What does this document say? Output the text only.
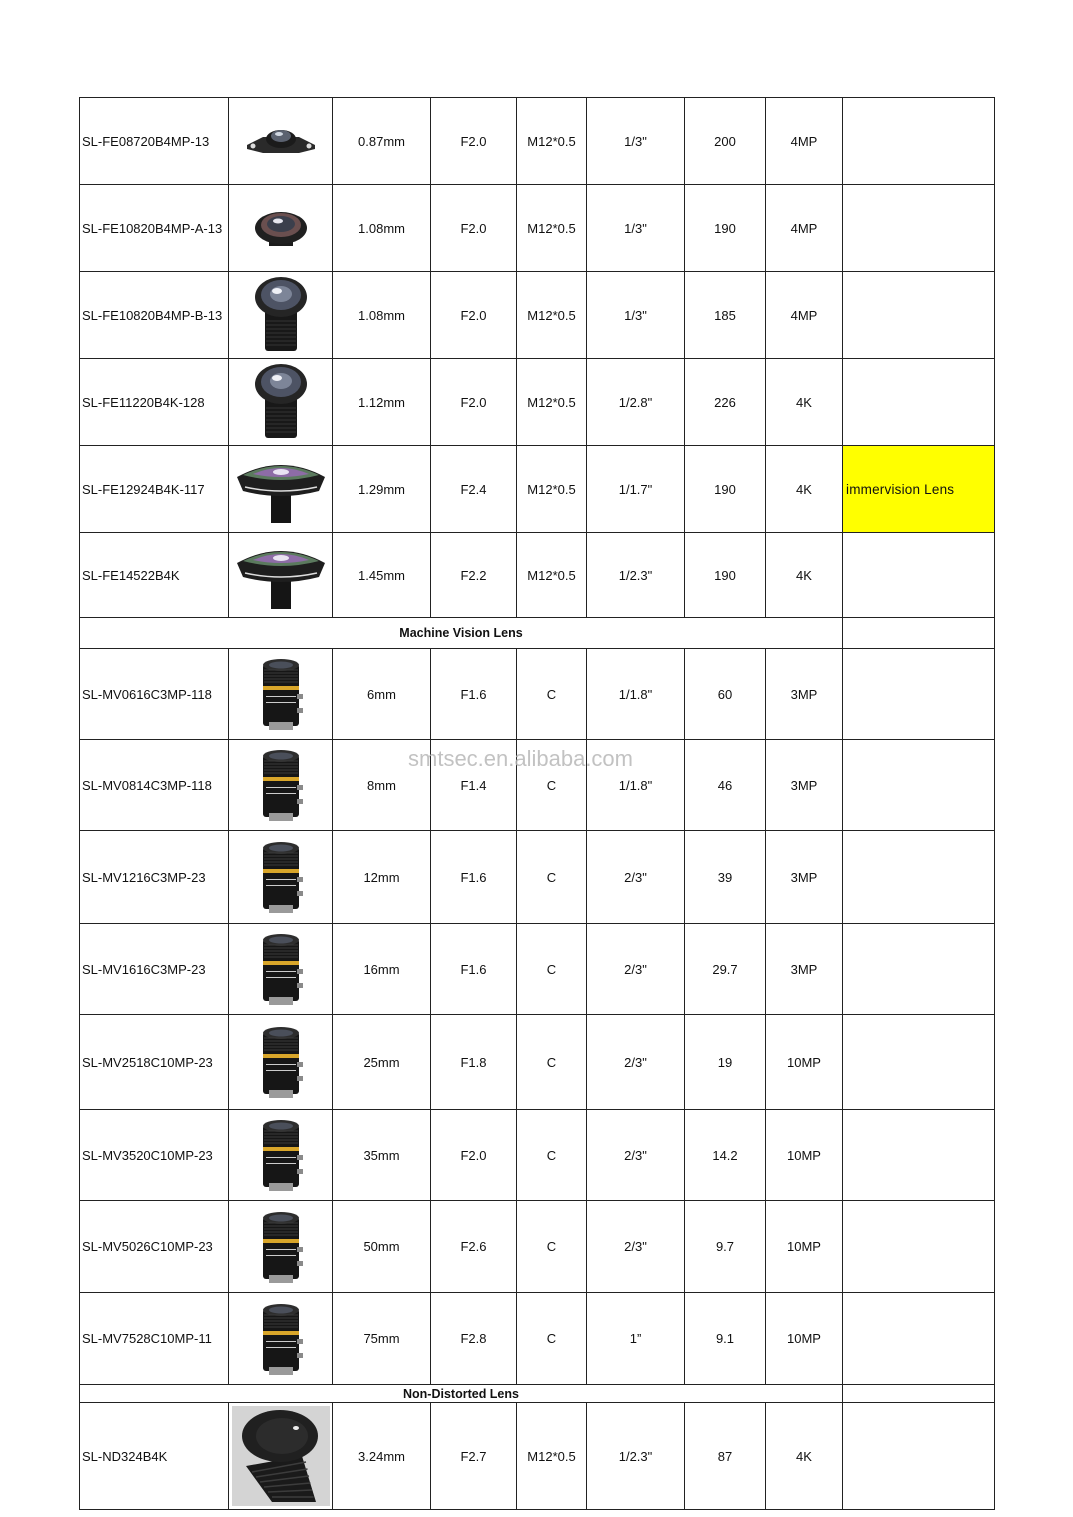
SL-FE08720B4MP-13		0.87mm	F2.0	M12*0.5	1/3"	200	4MP	
SL-FE10820B4MP-A-13		1.08mm	F2.0	M12*0.5	1/3"	190	4MP	
SL-FE10820B4MP-B-13		1.08mm	F2.0	M12*0.5	1/3"	185	4MP	
SL-FE11220B4K-128		1.12mm	F2.0	M12*0.5	1/2.8"	226	4K	
SL-FE12924B4K-117		1.29mm	F2.4	M12*0.5	1/1.7"	190	4K	immervision Lens
SL-FE14522B4K		1.45mm	F2.2	M12*0.5	1/2.3"	190	4K	
Machine Vision Lens								
SL-MV0616C3MP-118		6mm	F1.6	C	1/1.8"	60	3MP	
SL-MV0814C3MP-118		8mm	F1.4	C	1/1.8"	46	3MP	
SL-MV1216C3MP-23		12mm	F1.6	C	2/3"	39	3MP	
SL-MV1616C3MP-23		16mm	F1.6	C	2/3"	29.7	3MP	
SL-MV2518C10MP-23		25mm	F1.8	C	2/3"	19	10MP	
SL-MV3520C10MP-23		35mm	F2.0	C	2/3"	14.2	10MP	
SL-MV5026C10MP-23		50mm	F2.6	C	2/3"	9.7	10MP	
SL-MV7528C10MP-11		75mm	F2.8	C	1”	9.1	10MP	
Non-Distorted Lens								
SL-ND324B4K		3.24mm	F2.7	M12*0.5	1/2.3"	87	4K	
smtsec.en.alibaba.com
